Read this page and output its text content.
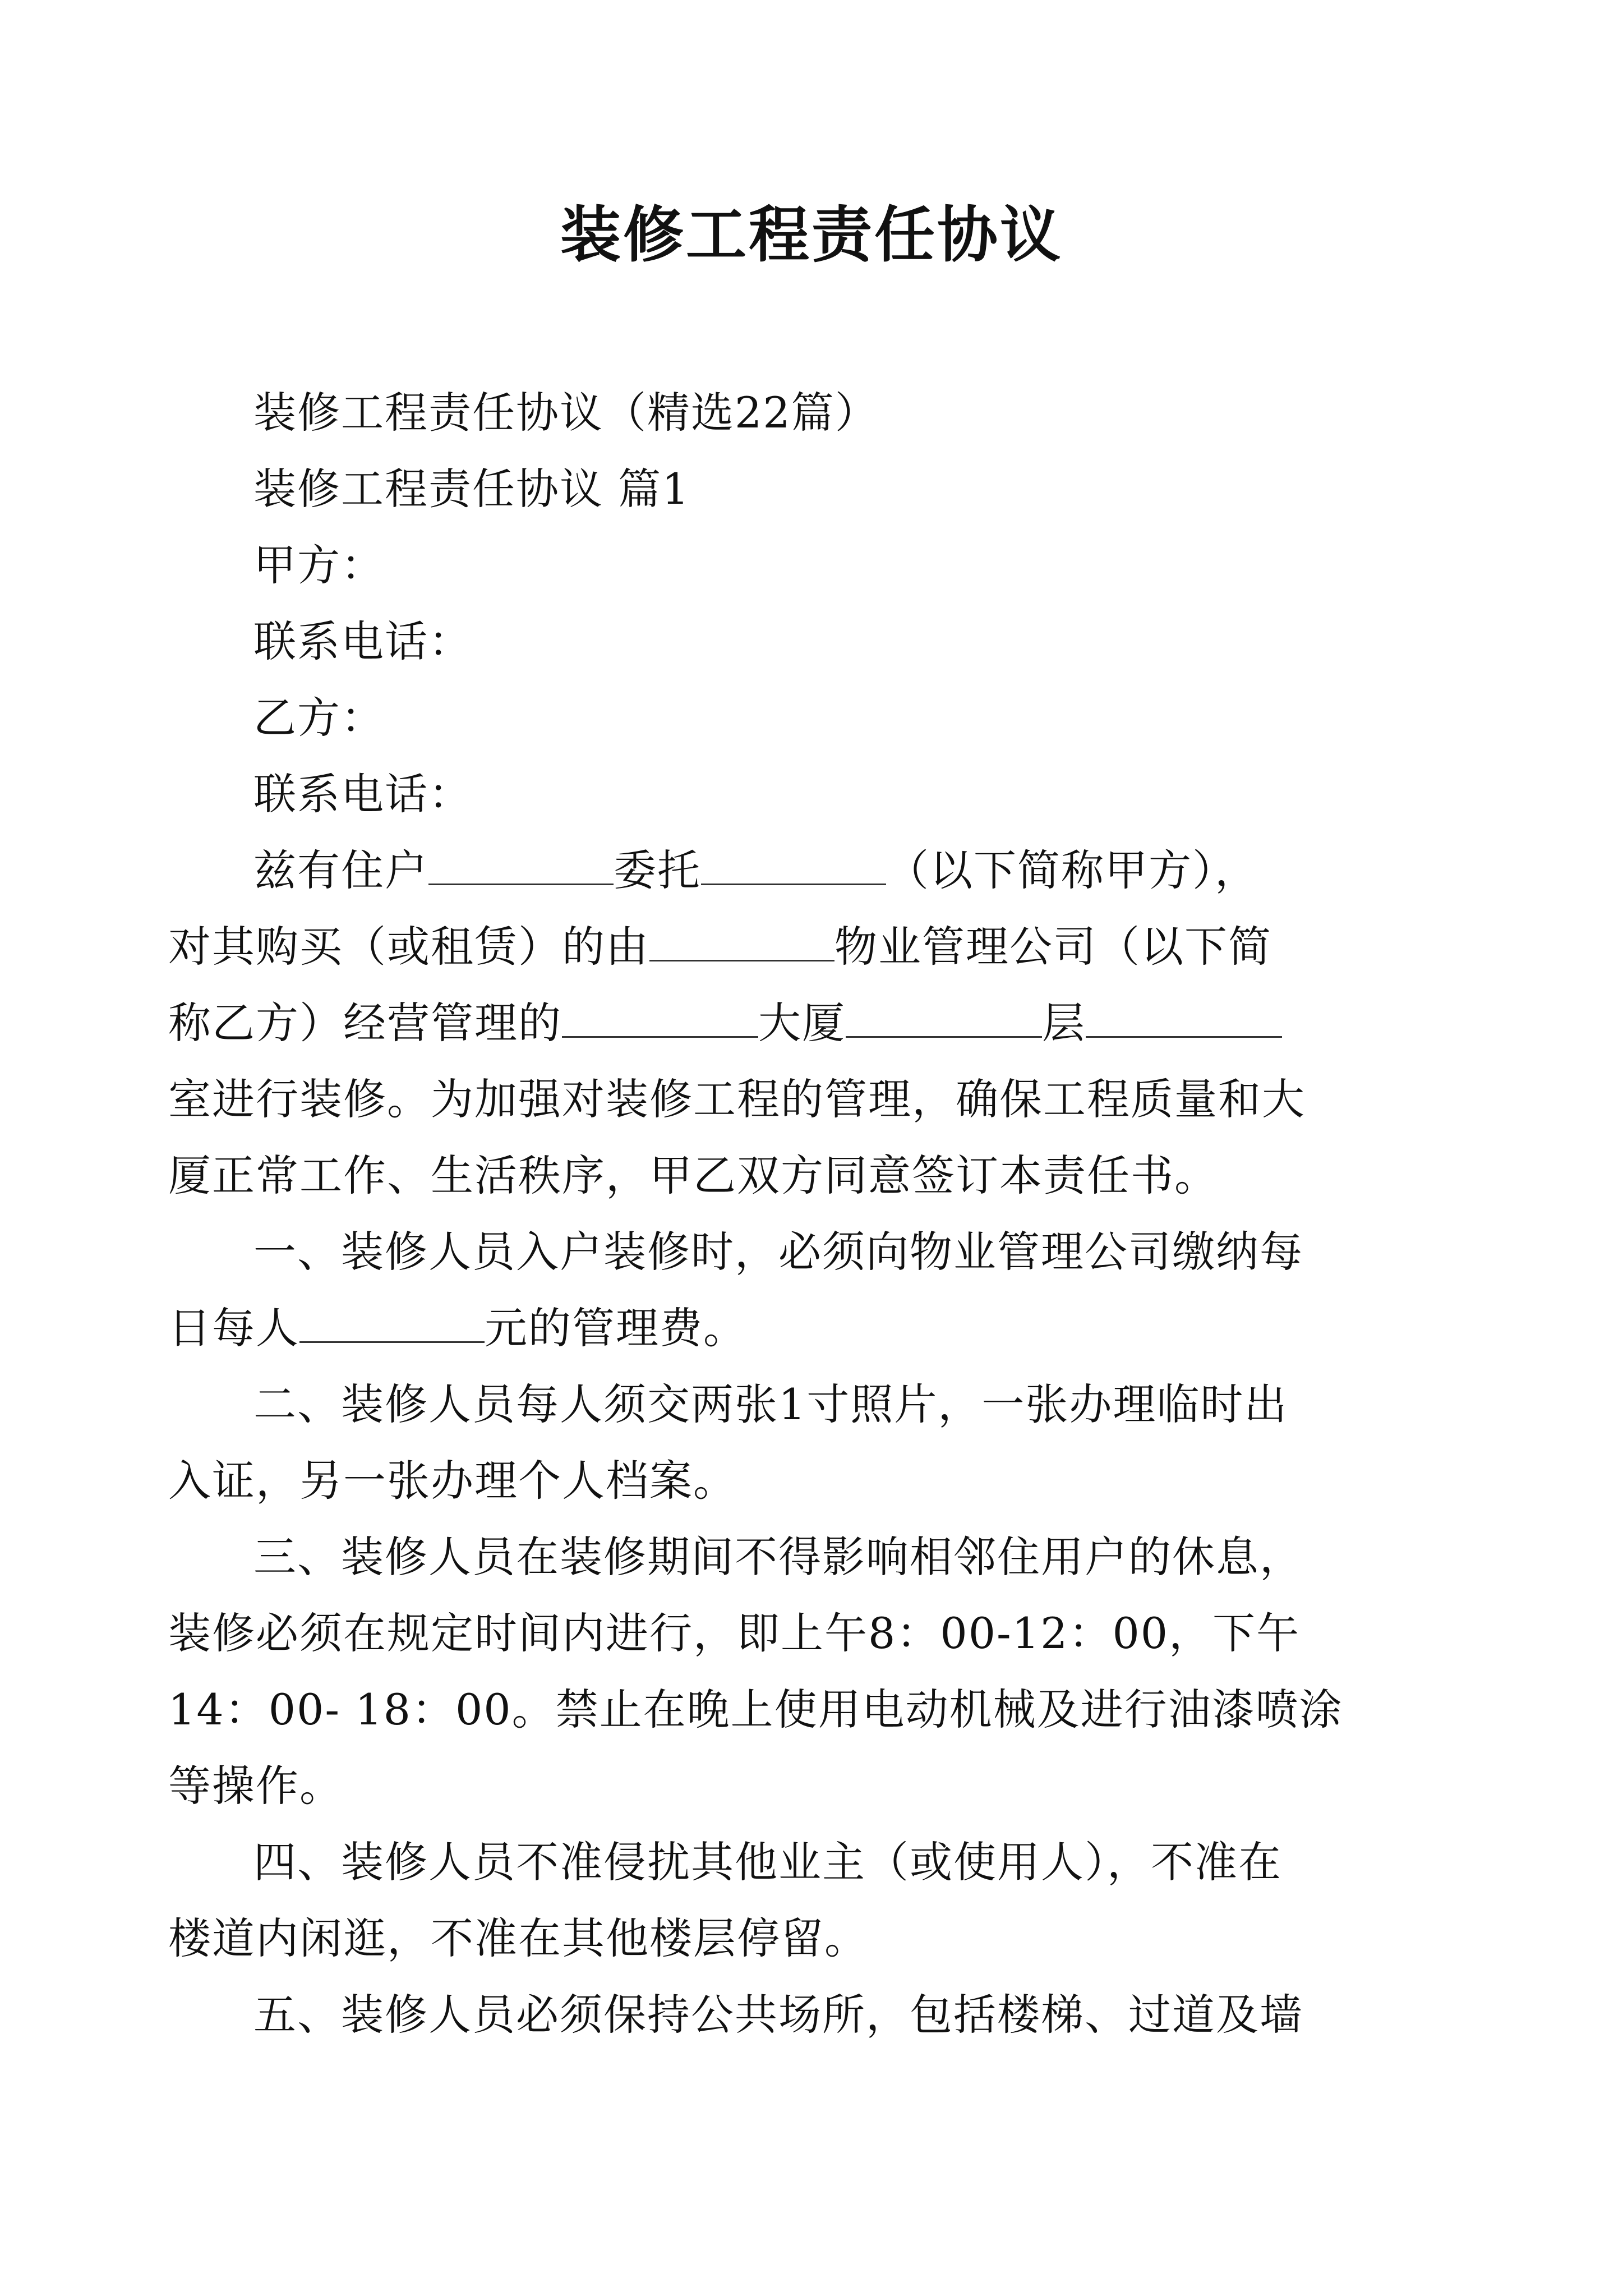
装修工程责任协议
装修工程责任协议（精选22篇）
装修工程责任协议 篇1
甲方：
联系电话：
乙方：
联系电话：
兹有住户	委托	（以下简称甲方），
对其购买（或租赁）的由	物业管理公司（以下简
称乙方）经营管理的	大厦	层
室进行装修。为加强对装修工程的管理，确保工程质量和大
厦正常工作、生活秩序，甲乙双方同意签订本责任书。
一、装修人员入户装修时，必须向物业管理公司缴纳每
日每人	元的管理费。
二、装修人员每人须交两张1寸照片，一张办理临时出
入证，另一张办理个人档案。
三、装修人员在装修期间不得影响相邻住用户的休息，
装修必须在规定时间内进行，即上午8：00-12：00，下午
14：00- 18：00。禁止在晚上使用电动机械及进行油漆喷涂
等操作。
四、装修人员不准侵扰其他业主（或使用人），不准在
楼道内闲逛，不准在其他楼层停留。
五、装修人员必须保持公共场所，包括楼梯、过道及墙
